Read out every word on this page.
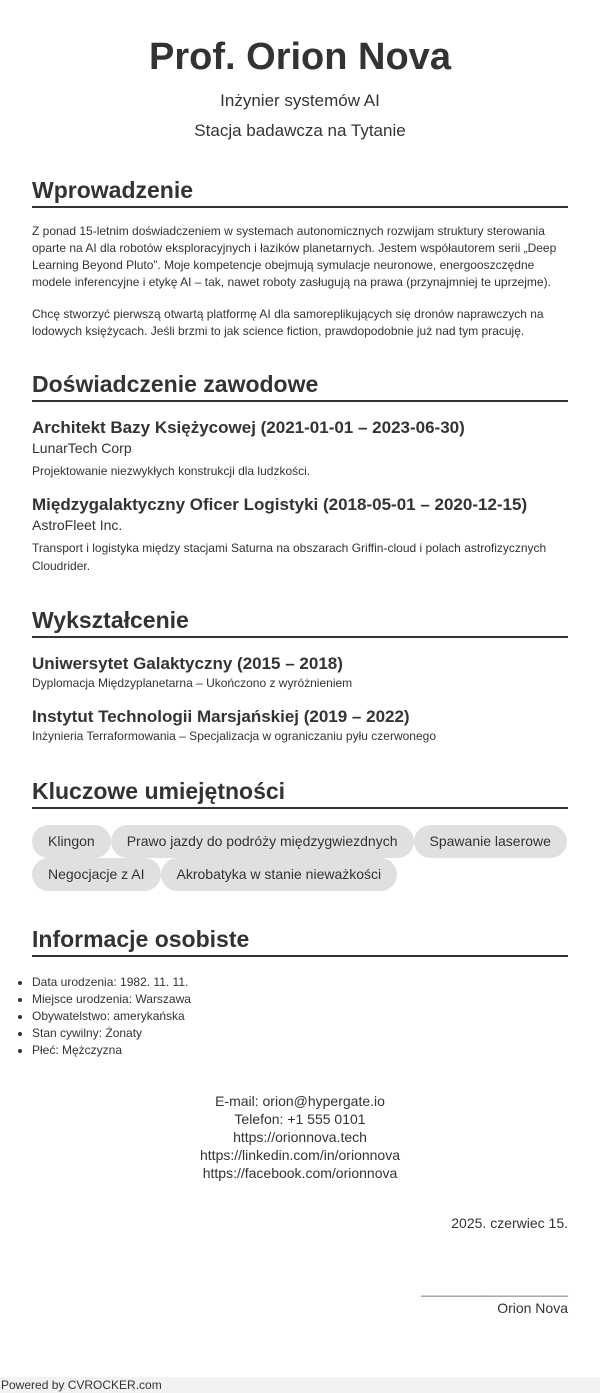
Prof. Orion Nova
Inżynier systemów AI
Stacja badawcza na Tytanie
Wprowadzenie

Z ponad 15-letnim doświadczeniem w systemach autonomicznych rozwijam struktury sterowania oparte na AI dla robotów eksploracyjnych i łazików planetarnych. Jestem współautorem serii „Deep Learning Beyond Pluto”. Moje kompetencje obejmują symulacje neuronowe, energooszczędne modele inferencyjne i etykę AI – tak, nawet roboty zasługują na prawa (przynajmniej te uprzejme).

Chcę stworzyć pierwszą otwartą platformę AI dla samoreplikujących się dronów naprawczych na lodowych księżycach. Jeśli brzmi to jak science fiction, prawdopodobnie już nad tym pracuję.

Doświadczenie zawodowe
Architekt Bazy Księżycowej (2021-01-01 – 2023-06-30)
LunarTech Corp
Projektowanie niezwykłych konstrukcji dla ludzkości.
Międzygalaktyczny Oficer Logistyki (2018-05-01 – 2020-12-15)
AstroFleet Inc.
Transport i logistyka między stacjami Saturna na obszarach Griffin-cloud i polach astrofizycznych Cloudrider.
Wykształcenie
Uniwersytet Galaktyczny (2015 – 2018)
Dyplomacja Międzyplanetarna – Ukończono z wyróżnieniem
Instytut Technologii Marsjańskiej (2019 – 2022)
Inżynieria Terraformowania – Specjalizacja w ograniczaniu pyłu czerwonego
Kluczowe umiejętności
Klingon	Prawo jazdy do podróży międzygwiezdnych	Spawanie laserowe
Negocjacje z AI	Akrobatyka w stanie nieważkości
Informacje osobiste
• Data urodzenia: 1982. 11. 11.
• Miejsce urodzenia: Warszawa
• Obywatelstwo: amerykańska
• Stan cywilny: Żonaty
• Płeć: Mężczyzna
E-mail: orion@hypergate.io
Telefon: +1 555 0101
https://orionnova.tech
https://linkedin.com/in/orionnova
https://facebook.com/orionnova
2025. czerwiec 15.
______________________
Orion Nova
Powered by CVROCKER.com
